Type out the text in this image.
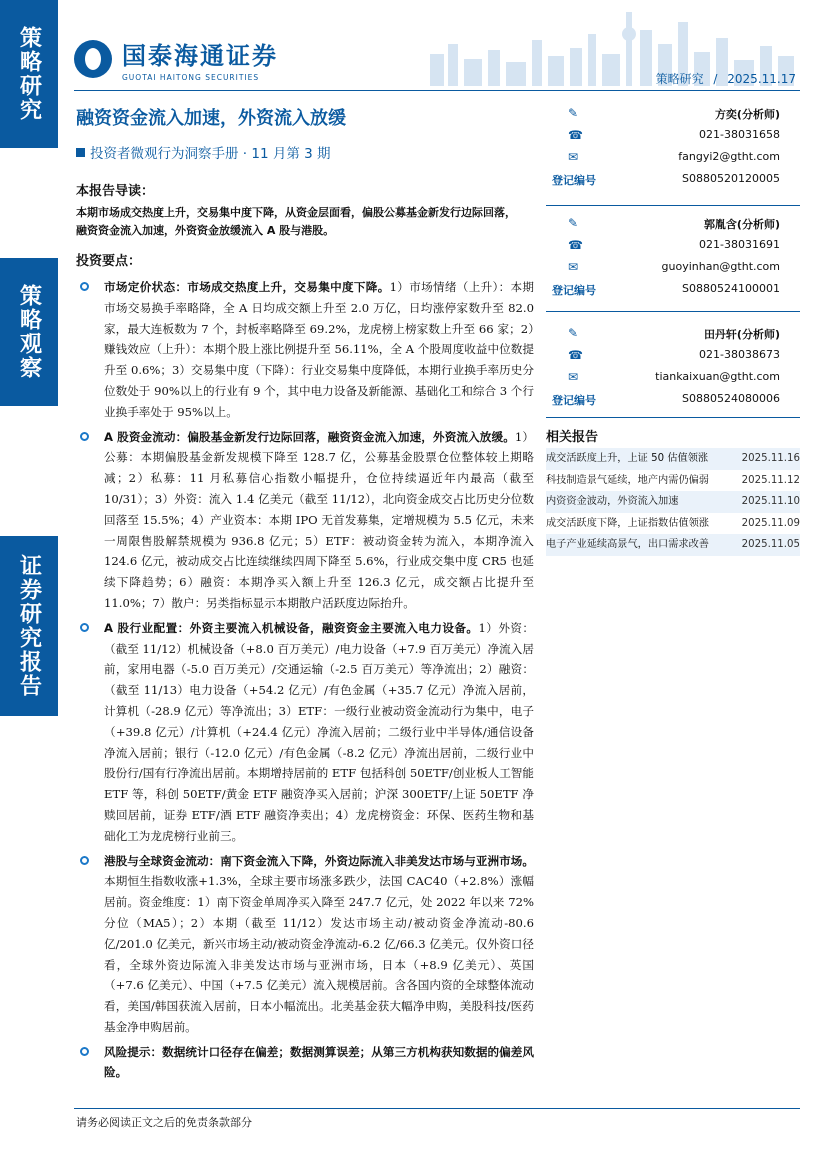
策略研究
策略观察
证券研究报告
国泰海通证券
GUOTAI HAITONG SECURITIES	策略研究 / 2025.11.17
融资资金流入加速，外资流入放缓
投资者微观行为洞察手册 · 11 月第 3 期
本报告导读：
本期市场成交热度上升，交易集中度下降，从资金层面看，偏股公募基金新发行边际回落，融资资金流入加速，外资资金放缓流入 A 股与港股。
投资要点：
市场定价状态：市场成交热度上升，交易集中度下降。1）市场情绪（上升）：本期市场交易换手率略降，全 A 日均成交额上升至 2.0 万亿，日均涨停家数升至 82.0 家，最大连板数为 7 个，封板率略降至 69.2%，龙虎榜上榜家数上升至 66 家；2）赚钱效应（上升）：本期个股上涨比例提升至 56.11%，全 A 个股周度收益中位数提升至 0.6%；3）交易集中度（下降）：行业交易集中度降低，本期行业换手率历史分位数处于 90%以上的行业有 9 个，其中电力设备及新能源、基础化工和综合 3 个行业换手率处于 95%以上。
A 股资金流动：偏股基金新发行边际回落，融资资金流入加速，外资流入放缓。1）公募：本期偏股基金新发规模下降至 128.7 亿，公募基金股票仓位整体较上期略减；2）私募：11 月私募信心指数小幅提升，仓位持续逼近年内最高（截至 10/31）；3）外资：流入 1.4 亿美元（截至 11/12），北向资金成交占比历史分位数回落至 15.5%；4）产业资本：本期 IPO 无首发募集，定增规模为 5.5 亿元，未来一周限售股解禁规模为 936.8 亿元；5）ETF：被动资金转为流入，本期净流入 124.6 亿元，被动成交占比连续继续四周下降至 5.6%，行业成交集中度 CR5 也延续下降趋势；6）融资：本期净买入额上升至 126.3 亿元，成交额占比提升至 11.0%；7）散户：另类指标显示本期散户活跃度边际抬升。
A 股行业配置：外资主要流入机械设备，融资资金主要流入电力设备。1）外资：（截至 11/12）机械设备（+8.0 百万美元）/电力设备（+7.9 百万美元）净流入居前，家用电器（-5.0 百万美元）/交通运输（-2.5 百万美元）等净流出；2）融资：（截至 11/13）电力设备（+54.2 亿元）/有色金属（+35.7 亿元）净流入居前，计算机（-28.9 亿元）等净流出；3）ETF：一级行业被动资金流动行为集中，电子（+39.8 亿元）/计算机（+24.4 亿元）净流入居前；二级行业中半导体/通信设备净流入居前；银行（-12.0 亿元）/有色金属（-8.2 亿元）净流出居前，二级行业中股份行/国有行净流出居前。本期增持居前的 ETF 包括科创 50ETF/创业板人工智能 ETF 等，科创 50ETF/黄金 ETF 融资净买入居前；沪深 300ETF/上证 50ETF 净赎回居前，证券 ETF/酒 ETF 融资净卖出；4）龙虎榜资金：环保、医药生物和基础化工为龙虎榜行业前三。
港股与全球资金流动：南下资金流入下降，外资边际流入非美发达市场与亚洲市场。本期恒生指数收涨+1.3%，全球主要市场涨多跌少，法国 CAC40（+2.8%）涨幅居前。资金维度：1）南下资金单周净买入降至 247.7 亿元，处 2022 年以来 72%分位（MA5）；2）本期（截至 11/12）发达市场主动/被动资金净流动-80.6 亿/201.0 亿美元，新兴市场主动/被动资金净流动-6.2 亿/66.3 亿美元。仅外资口径看，全球外资边际流入非美发达市场与亚洲市场，日本（+8.9 亿美元）、英国（+7.6 亿美元）、中国（+7.5 亿美元）流入规模居前。含各国内资的全球整体流动看，美国/韩国获流入居前，日本小幅流出。北美基金获大幅净申购，美股科技/医药基金净申购居前。
风险提示：数据统计口径存在偏差；数据测算误差；从第三方机构获知数据的偏差风险。
✎	方奕(分析师)
☎	021-38031658
✉	fangyi2@gtht.com
登记编号	S0880520120005
✎	郭胤含(分析师)
☎	021-38031691
✉	guoyinhan@gtht.com
登记编号	S0880524100001
✎	田丹轩(分析师)
☎	021-38038673
✉	tiankaixuan@gtht.com
登记编号	S0880524080006
相关报告
成交活跃度上升，上证 50 估值领涨	2025.11.16
科技制造景气延续，地产内需仍偏弱	2025.11.12
内资资金波动，外资流入加速	2025.11.10
成交活跃度下降，上证指数估值领涨	2025.11.09
电子产业延续高景气，出口需求改善	2025.11.05
请务必阅读正文之后的免责条款部分
